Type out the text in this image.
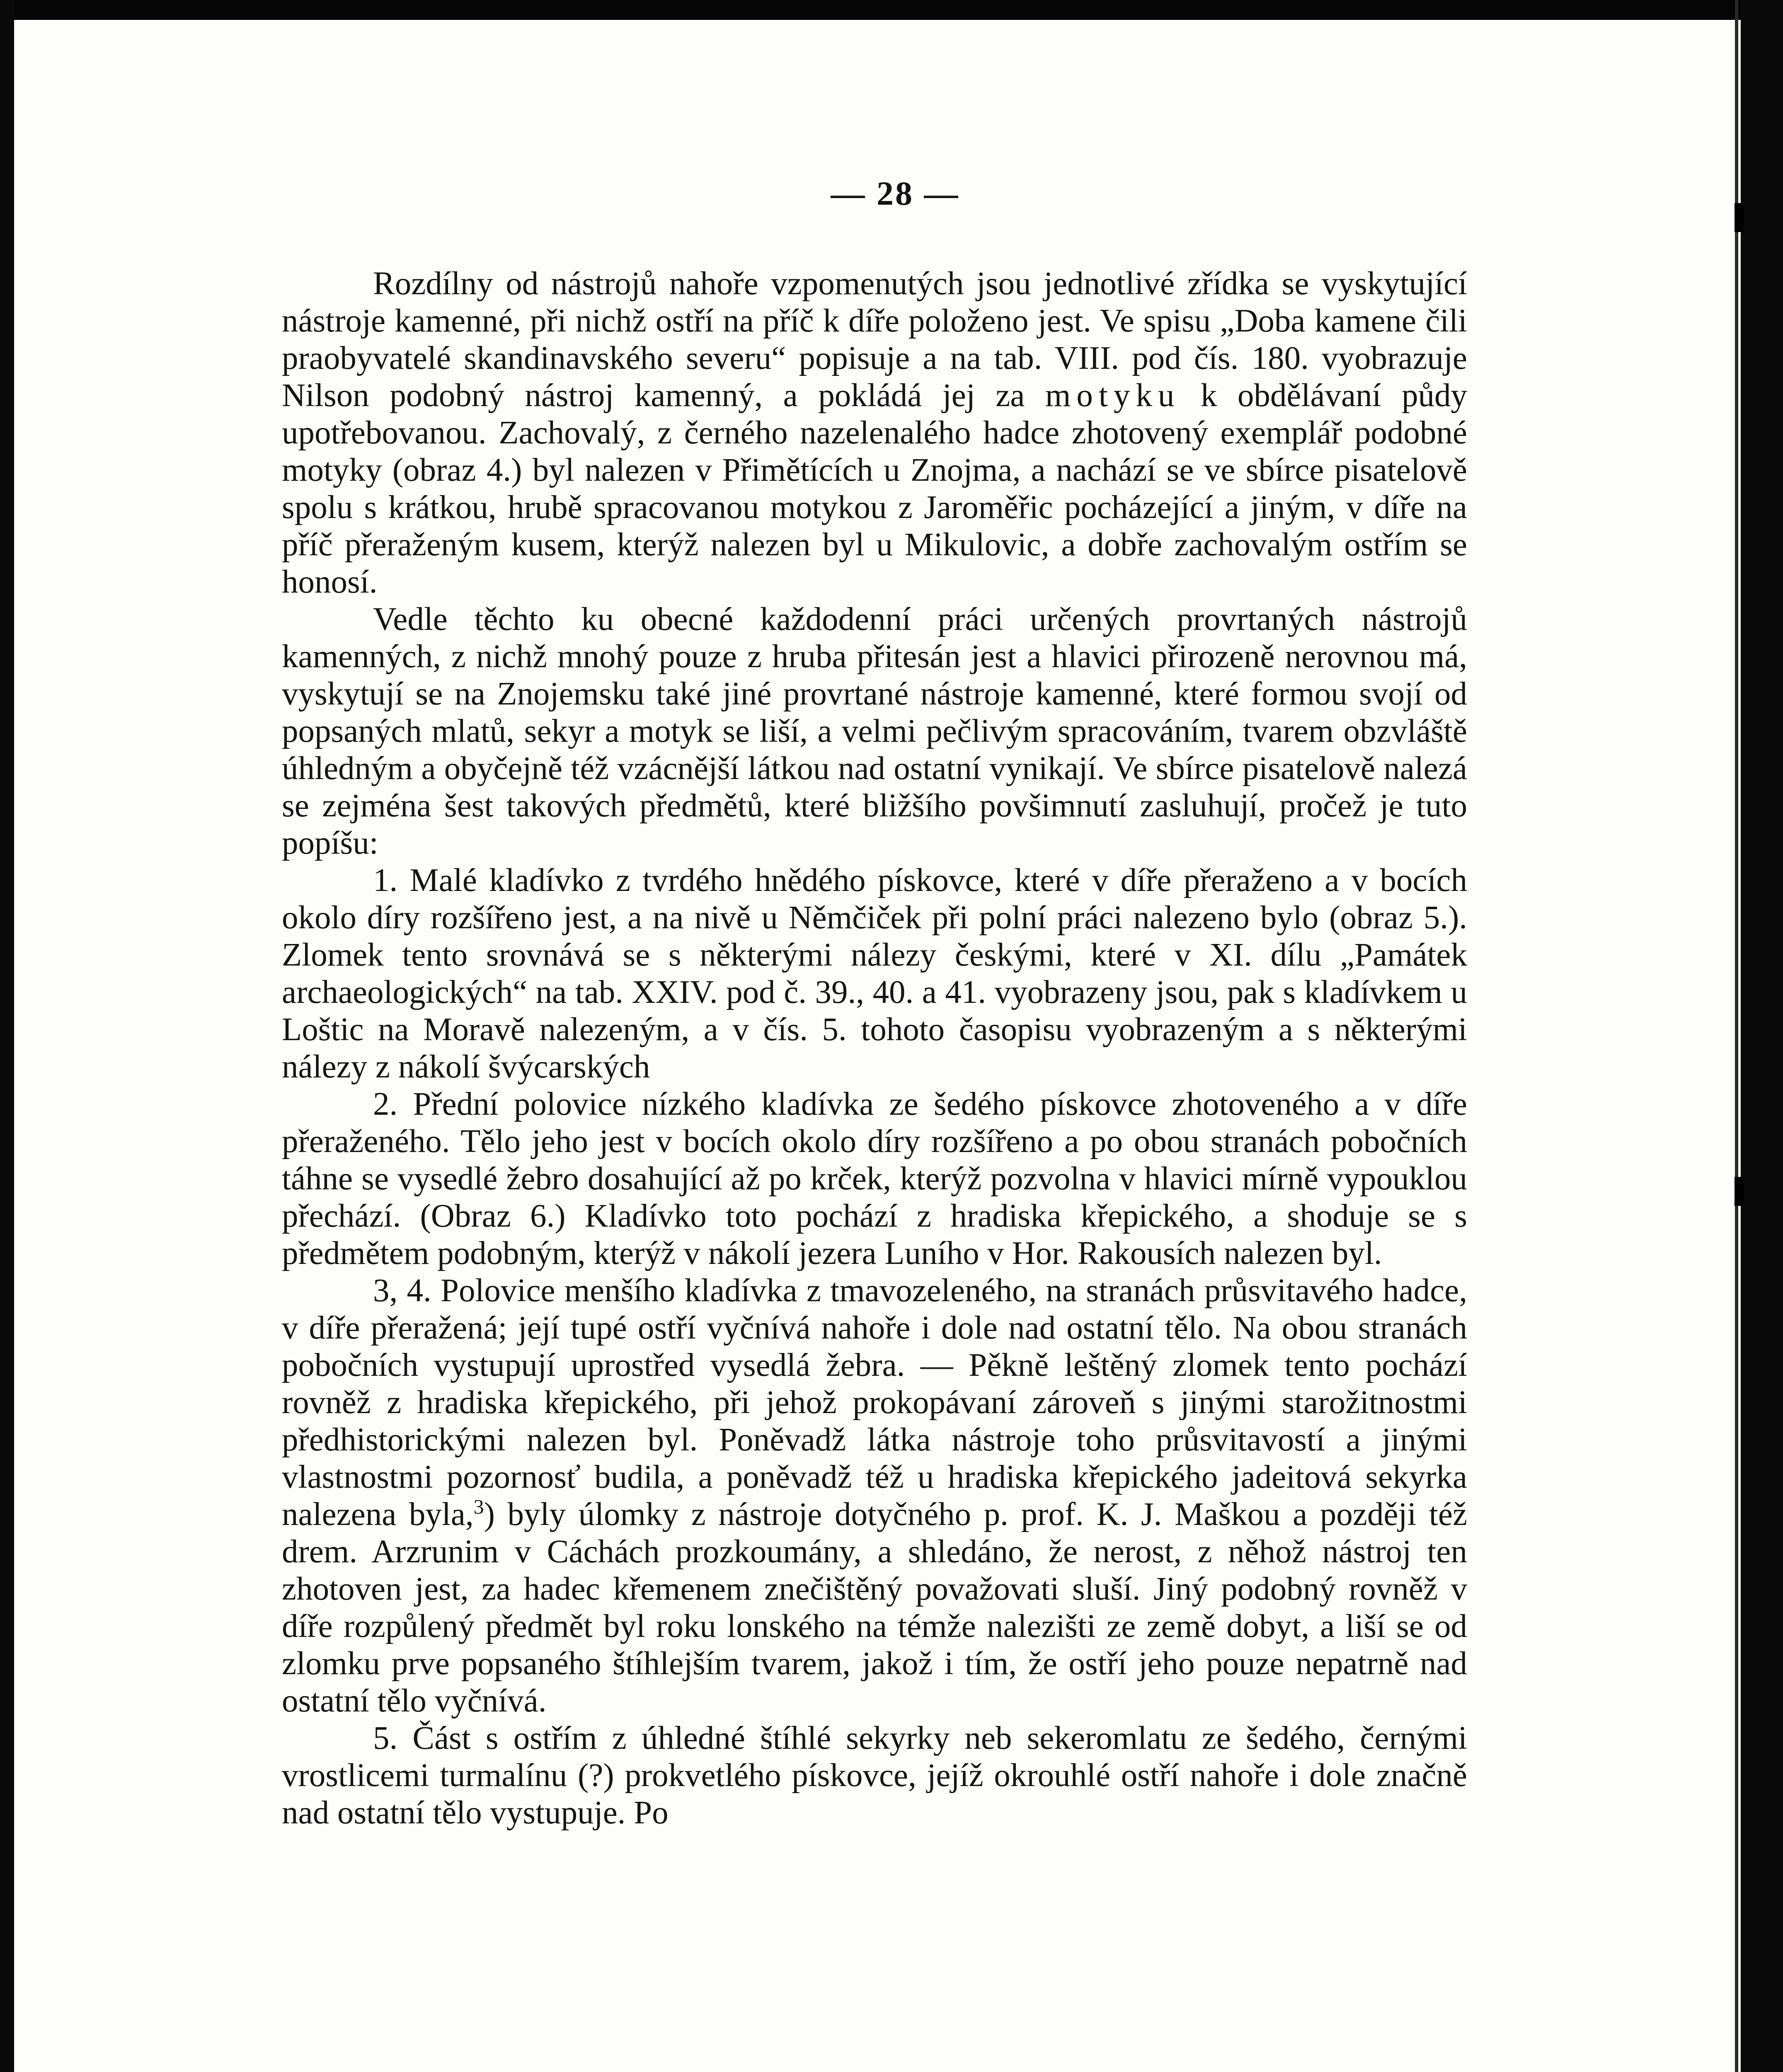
— 28 —

Rozdílny od nástrojů nahoře vzpomenutých jsou jednotlivé zřídka se vyskytující nástroje kamenné, při nichž ostří na příč k díře položeno jest. Ve spisu „Doba kamene čili praobyvatelé skandinavského severu“ popisuje a na tab. VIII. pod čís. 180. vyobrazuje Nilson podobný nástroj kamenný, a pokládá jej za motyku k obdělávaní půdy upotřebovanou. Zachovalý, z černého nazelenalého hadce zhotovený exemplář podobné motyky (obraz 4.) byl nalezen v Přimětících u Znojma, a nachází se ve sbírce pisatelově spolu s krátkou, hrubě spracovanou motykou z Jaroměřic pocházející a jiným, v díře na příč přeraženým kusem, kterýž nalezen byl u Mikulovic, a dobře zachovalým ostřím se honosí.

Vedle těchto ku obecné každodenní práci určených provrtaných nástrojů kamenných, z nichž mnohý pouze z hruba přitesán jest a hlavici přirozeně nerovnou má, vyskytují se na Znojemsku také jiné provrtané nástroje kamenné, které formou svojí od popsaných mlatů, sekyr a motyk se liší, a velmi pečlivým spracováním, tvarem obzvláště úhledným a obyčejně též vzácnější látkou nad ostatní vynikají. Ve sbírce pisatelově nalezá se zejména šest takových předmětů, které bližšího povšimnutí zasluhují, pročež je tuto popíšu:

1. Malé kladívko z tvrdého hnědého pískovce, které v díře přeraženo a v bocích okolo díry rozšířeno jest, a na nivě u Němčiček při polní práci nalezeno bylo (obraz 5.). Zlomek tento srovnává se s některými nálezy českými, které v XI. dílu „Památek archaeologických“ na tab. XXIV. pod č. 39., 40. a 41. vyobrazeny jsou, pak s kladívkem u Loštic na Moravě nalezeným, a v čís. 5. tohoto časopisu vyobrazeným a s některými nálezy z nákolí švýcarských

2. Přední polovice nízkého kladívka ze šedého pískovce zhotoveného a v díře přeraženého. Tělo jeho jest v bocích okolo díry rozšířeno a po obou stranách pobočních táhne se vysedlé žebro dosahující až po krček, kterýž pozvolna v hlavici mírně vypouklou přechází. (Obraz 6.) Kladívko toto pochází z hradiska křepického, a shoduje se s předmětem podobným, kterýž v nákolí jezera Luního v Hor. Rakousích nalezen byl.

3, 4. Polovice menšího kladívka z tmavozeleného, na stranách průsvitavého hadce, v díře přeražená; její tupé ostří vyčnívá nahoře i dole nad ostatní tělo. Na obou stranách pobočních vystupují uprostřed vysedlá žebra. — Pěkně leštěný zlomek tento pochází rovněž z hradiska křepického, při jehož prokopávaní zároveň s jinými starožitnostmi předhistorickými nalezen byl. Poněvadž látka nástroje toho průsvitavostí a jinými vlastnostmi pozornosť budila, a poněvadž též u hradiska křepického jadeitová sekyrka nalezena byla,$^3$) byly úlomky z nástroje dotyčného p. prof. K. J. Maškou a později též drem. Arzrunim v Cáchách prozkoumány, a shledáno, že nerost, z něhož nástroj ten zhotoven jest, za hadec křemenem znečištěný považovati sluší. Jiný podobný rovněž v díře rozpůlený předmět byl roku lonského na témže nalezišti ze země dobyt, a liší se od zlomku prve popsaného štíhlejším tvarem, jakož i tím, že ostří jeho pouze nepatrně nad ostatní tělo vyčnívá.

5. Část s ostřím z úhledné štíhlé sekyrky neb sekeromlatu ze šedého, černými vrostlicemi turmalínu (?) prokvetlého pískovce, jejíž okrouhlé ostří nahoře i dole značně nad ostatní tělo vystupuje. Po
